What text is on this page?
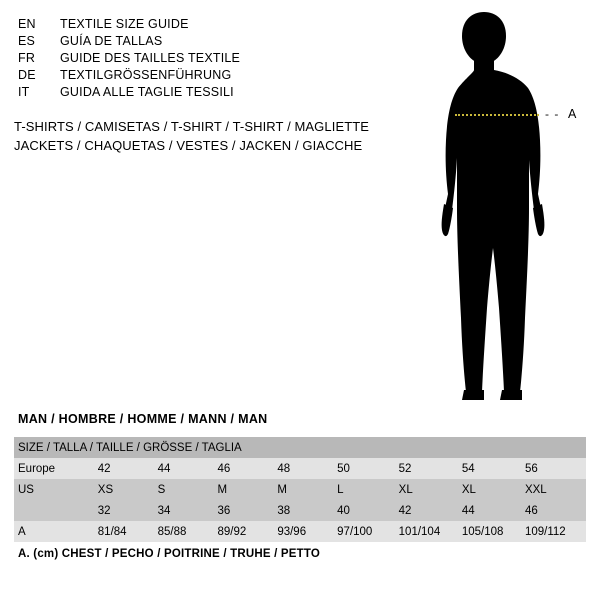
EN	TEXTILE SIZE GUIDE
ES	GUÍA DE TALLAS
FR	GUIDE DES TAILLES TEXTILE
DE	TEXTILGRÖSSENFÜHRUNG
IT	GUIDA ALLE TAGLIE TESSILI
T-SHIRTS / CAMISETAS / T-SHIRT / T-SHIRT / MAGLIETTE
JACKETS / CHAQUETAS / VESTES / JACKEN / GIACCHE
- - A
MAN / HOMBRE / HOMME / MANN / MAN
SIZE / TALLA / TAILLE / GRÖSSE / TAGLIA								
Europe	42	44	46	48	50	52	54	56
US	XS	S	M	M	L	XL	XL	XXL
	32	34	36	38	40	42	44	46
A	81/84	85/88	89/92	93/96	97/100	101/104	105/108	109/112
A. (cm) CHEST / PECHO / POITRINE / TRUHE / PETTO
